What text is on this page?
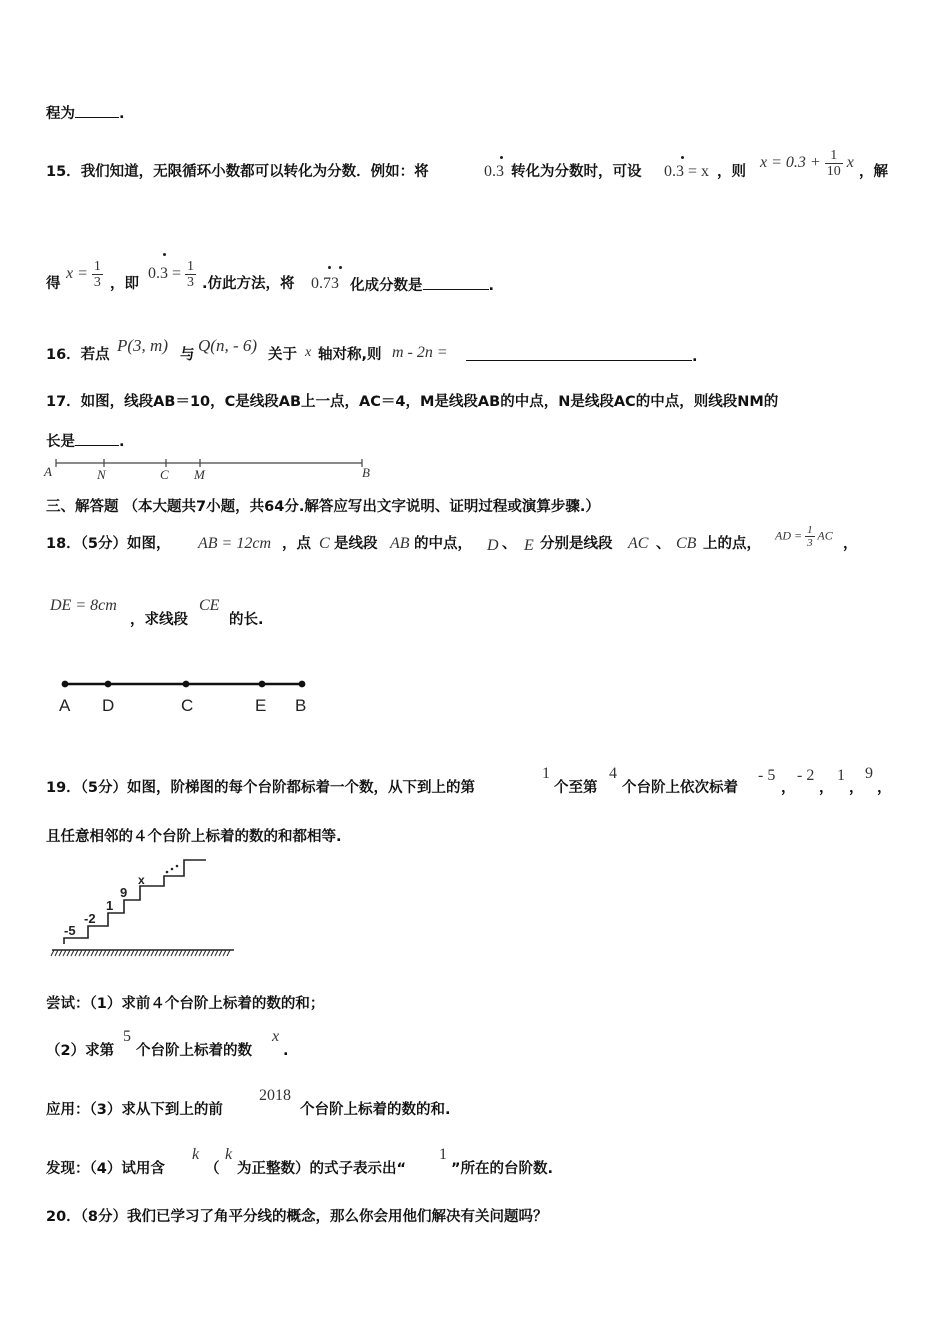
程为	.
15．我们知道，无限循环小数都可以转化为分数．例如：将	0.3 转化为分数时，可设 0.3 = x ，则
$x = 0.3 + \frac{1}{10}$ x
，解
得
$x = \frac{1}{3}$ ，即
$0.3 = \frac{1}{3}$ .仿此方法，将 0.73 化成分数是	.
16．若点 P(3, m) 与 Q(n, - 6) 关于 x 轴对称,则 m - 2n =	.
17．如图，线段AB＝10，C是线段AB上一点，AC＝4，M是线段AB的中点，N是线段AC的中点，则线段NM的
长是	.
A	N	C M	B
三、解答题 （本大题共7小题，共64分.解答应写出文字说明、证明过程或演算步骤.）
18．（5分）如图， AB = 12cm ，点 C 是线段 AB 的中点， D 、 E 分别是线段 AC 、 CB 上的点，
AD = $\frac{1}{3}$ AC
，
DE = 8cm
，求线段
CE
的长.
A D	C	E B
19．（5分）如图，阶梯图的每个台阶都标着一个数，从下到上的第
1
个至第
4
个台阶上依次标着
- 5
，
- 2
，
1
，
9
，
且任意相邻的４个台阶上标着的数的和都相等.
-5
-2
1
9
x
尝试：（1）求前４个台阶上标着的数的和；
（2）求第
5
个台阶上标着的数
x
.
应用：（3）求从下到上的前
2018
个台阶上标着的数的和.
发现：（4）试用含
k
（
k
为正整数）的式子表示出“
1
”所在的台阶数.
20．（8分）我们已学习了角平分线的概念，那么你会用他们解决有关问题吗？
